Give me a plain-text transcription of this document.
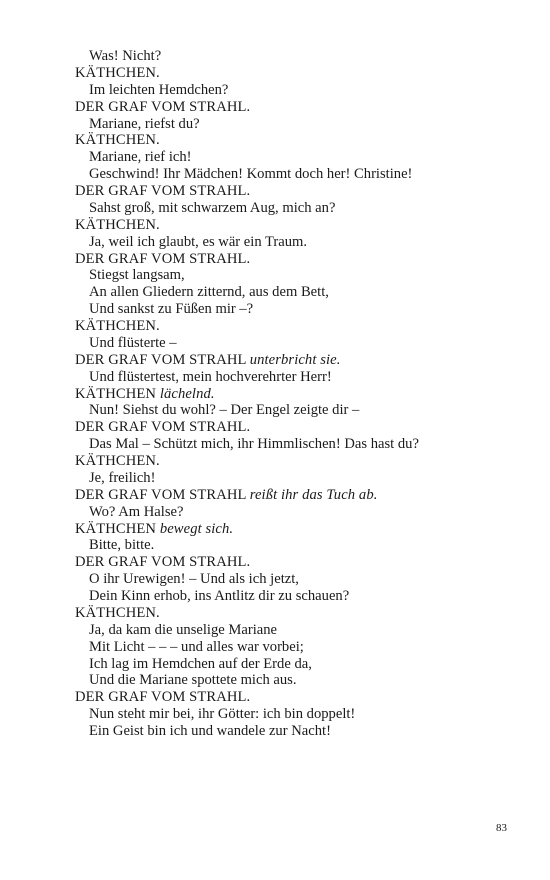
Was! Nicht?
KÄTHCHEN.
Im leichten Hemdchen?
DER GRAF VOM STRAHL.
Mariane, riefst du?
KÄTHCHEN.
Mariane, rief ich!
Geschwind! Ihr Mädchen! Kommt doch her! Christine!
DER GRAF VOM STRAHL.
Sahst groß, mit schwarzem Aug, mich an?
KÄTHCHEN.
Ja, weil ich glaubt, es wär ein Traum.
DER GRAF VOM STRAHL.
Stiegst langsam,
An allen Gliedern zitternd, aus dem Bett,
Und sankst zu Füßen mir –?
KÄTHCHEN.
Und flüsterte –
DER GRAF VOM STRAHL unterbricht sie.
Und flüstertest, mein hochverehrter Herr!
KÄTHCHEN lächelnd.
Nun! Siehst du wohl? – Der Engel zeigte dir –
DER GRAF VOM STRAHL.
Das Mal – Schützt mich, ihr Himmlischen! Das hast du?
KÄTHCHEN.
Je, freilich!
DER GRAF VOM STRAHL reißt ihr das Tuch ab.
Wo? Am Halse?
KÄTHCHEN bewegt sich.
Bitte, bitte.
DER GRAF VOM STRAHL.
O ihr Urewigen! – Und als ich jetzt,
Dein Kinn erhob, ins Antlitz dir zu schauen?
KÄTHCHEN.
Ja, da kam die unselige Mariane
Mit Licht – – – und alles war vorbei;
Ich lag im Hemdchen auf der Erde da,
Und die Mariane spottete mich aus.
DER GRAF VOM STRAHL.
Nun steht mir bei, ihr Götter: ich bin doppelt!
Ein Geist bin ich und wandele zur Nacht!
83
